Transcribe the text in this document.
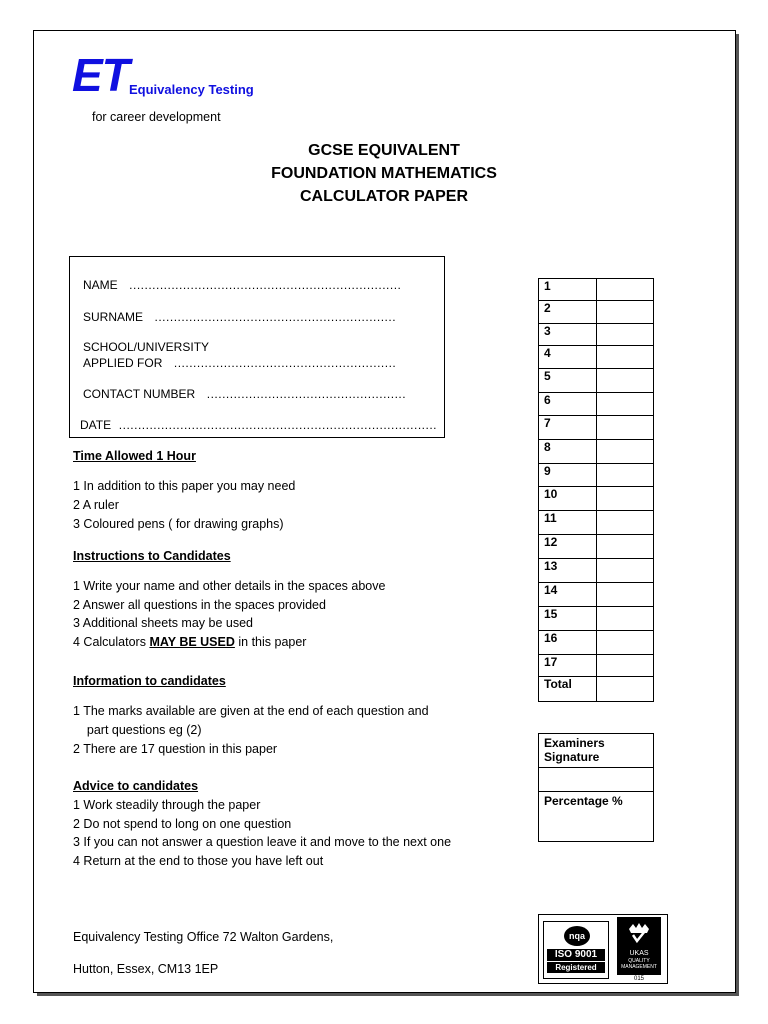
ET Equivalency Testing
for career development
GCSE EQUIVALENT
FOUNDATION MATHEMATICS
CALCULATOR PAPER
NAME   .......................................................................
SURNAME   ...............................................................
SCHOOL/UNIVERSITY
APPLIED FOR   ..........................................................
CONTACT NUMBER   ....................................................
DATE  ...................................................................................
Time Allowed 1 Hour
1 In addition to this paper you may need
2 A ruler
3 Coloured pens ( for drawing graphs)
Instructions to Candidates
1 Write your name and other details in the spaces above
2 Answer all questions in the spaces provided
3 Additional sheets may be used
4 Calculators MAY BE USED in this paper
Information to candidates
1 The marks available are given at the end of each question and
part questions eg (2)
2 There are 17 question in this paper
Advice to candidates
1 Work steadily through the paper
2 Do not spend to long on one question
3 If you can not answer a question leave it and move to the next one
4 Return at the end to those you have left out
1	
2	
3	
4	
5	
6	
7	
8	
9	
10	
11	
12	
13	
14	
15	
16	
17	
Total	
Examiners Signature

Percentage %
Equivalency Testing Office 72 Walton Gardens,
Hutton, Essex, CM13 1EP
nqa
ISO 9001
Registered
UKAS
QUALITY
MANAGEMENT
015
